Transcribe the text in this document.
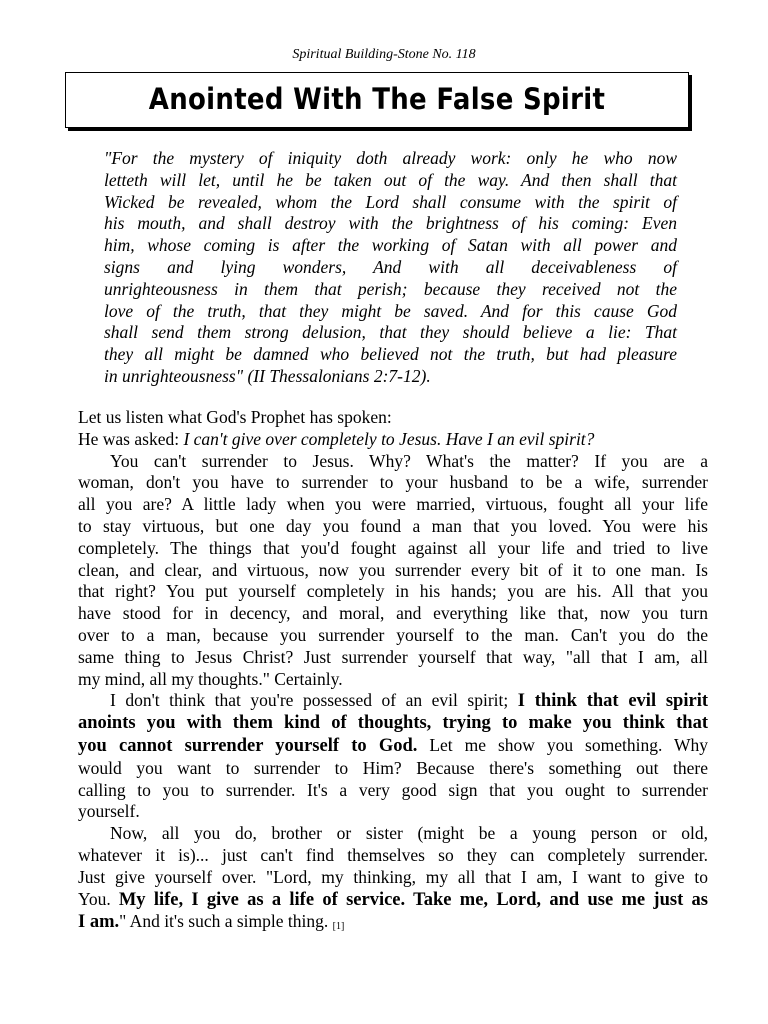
Spiritual Building-Stone No. 118
Anointed With The False Spirit
"For the mystery of iniquity doth already work: only he who now
letteth will let, until he be taken out of the way. And then shall that
Wicked be revealed, whom the Lord shall consume with the spirit of
his mouth, and shall destroy with the brightness of his coming: Even
him, whose coming is after the working of Satan with all power and
signs and lying wonders, And with all deceivableness of
unrighteousness in them that perish; because they received not the
love of the truth, that they might be saved. And for this cause God
shall send them strong delusion, that they should believe a lie: That
they all might be damned who believed not the truth, but had pleasure
in unrighteousness" (II Thessalonians 2:7-12).
Let us listen what God's Prophet has spoken:
He was asked: I can't give over completely to Jesus. Have I an evil spirit?
You can't surrender to Jesus. Why? What's the matter? If you are a
woman, don't you have to surrender to your husband to be a wife, surrender
all you are? A little lady when you were married, virtuous, fought all your life
to stay virtuous, but one day you found a man that you loved. You were his
completely. The things that you'd fought against all your life and tried to live
clean, and clear, and virtuous, now you surrender every bit of it to one man. Is
that right? You put yourself completely in his hands; you are his. All that you
have stood for in decency, and moral, and everything like that, now you turn
over to a man, because you surrender yourself to the man. Can't you do the
same thing to Jesus Christ? Just surrender yourself that way, "all that I am, all
my mind, all my thoughts." Certainly.
I don't think that you're possessed of an evil spirit; I think that evil spirit
anoints you with them kind of thoughts, trying to make you think that
you cannot surrender yourself to God. Let me show you something. Why
would you want to surrender to Him? Because there's something out there
calling to you to surrender. It's a very good sign that you ought to surrender
yourself.
Now, all you do, brother or sister (might be a young person or old,
whatever it is)... just can't find themselves so they can completely surrender.
Just give yourself over. "Lord, my thinking, my all that I am, I want to give to
You. My life, I give as a life of service. Take me, Lord, and use me just as
I am." And it's such a simple thing. [1]
